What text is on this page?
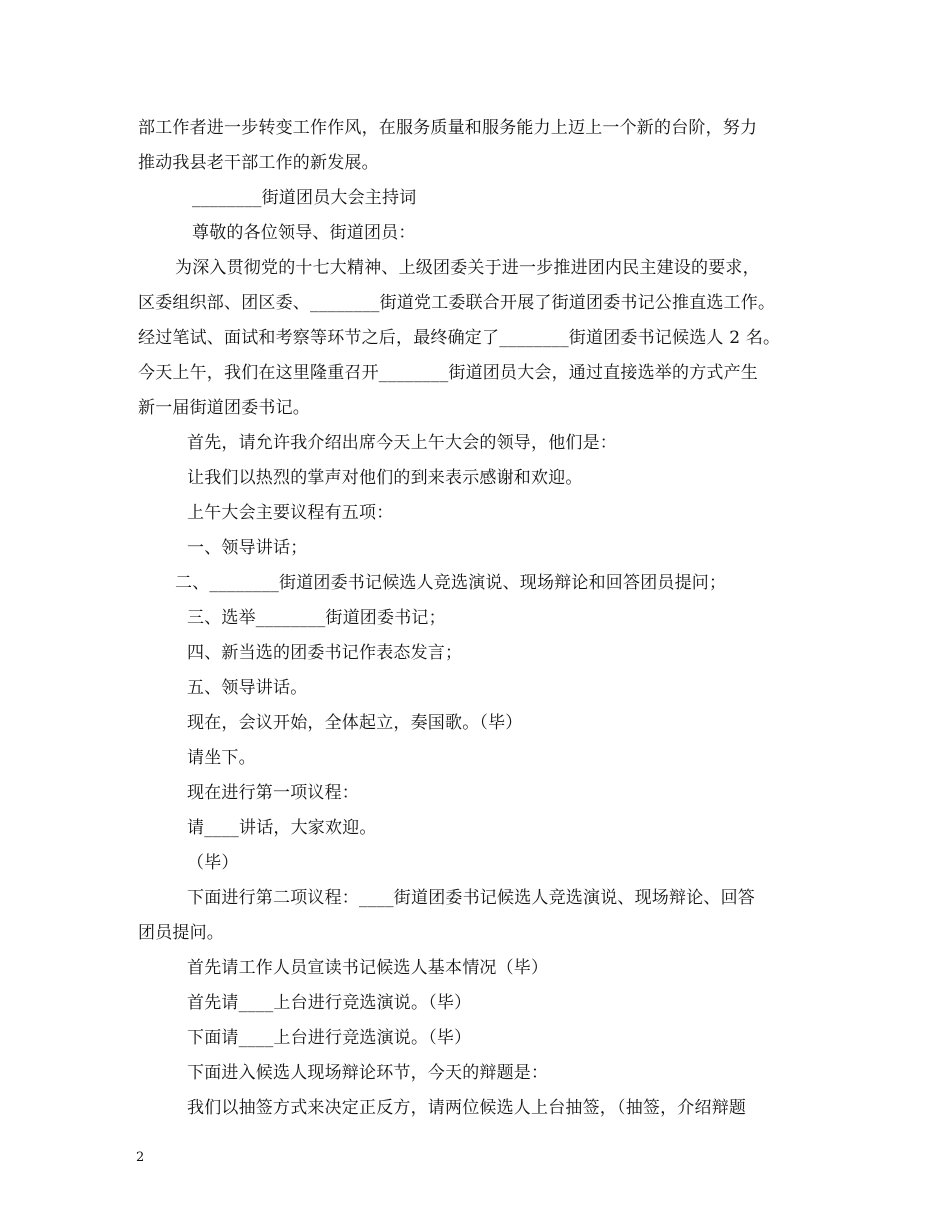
部工作者进一步转变工作作风，在服务质量和服务能力上迈上一个新的台阶，努力
推动我县老干部工作的新发展。
________街道团员大会主持词
尊敬的各位领导、街道团员：
为深入贯彻党的十七大精神、上级团委关于进一步推进团内民主建设的要求，
区委组织部、团区委、________街道党工委联合开展了街道团委书记公推直选工作。
经过笔试、面试和考察等环节之后，最终确定了________街道团委书记候选人 2 名。
今天上午，我们在这里隆重召开________街道团员大会，通过直接选举的方式产生
新一届街道团委书记。
首先，请允许我介绍出席今天上午大会的领导，他们是：
让我们以热烈的掌声对他们的到来表示感谢和欢迎。
上午大会主要议程有五项：
一、领导讲话；
二、________街道团委书记候选人竞选演说、现场辩论和回答团员提问；
三、选举________街道团委书记；
四、新当选的团委书记作表态发言；
五、领导讲话。
现在，会议开始，全体起立，奏国歌。（毕）
请坐下。
现在进行第一项议程：
请____讲话，大家欢迎。
（毕）
下面进行第二项议程：____街道团委书记候选人竞选演说、现场辩论、回答
团员提问。
首先请工作人员宣读书记候选人基本情况（毕）
首先请____上台进行竞选演说。（毕）
下面请____上台进行竞选演说。（毕）
下面进入候选人现场辩论环节，今天的辩题是：
我们以抽签方式来决定正反方，请两位候选人上台抽签，（抽签，介绍辩题
2
